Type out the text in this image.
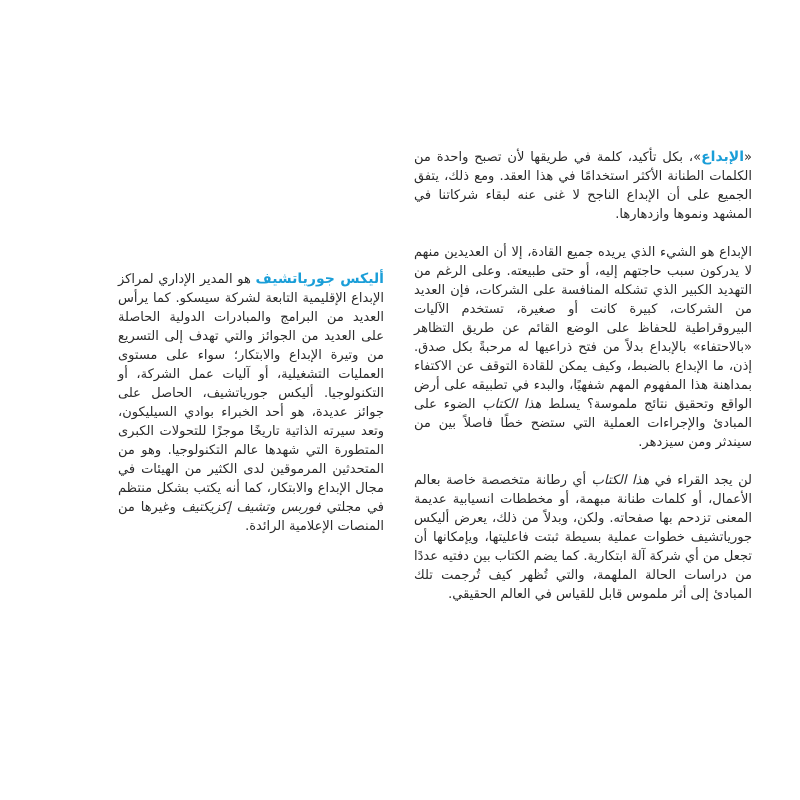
«الإبداع»، بكل تأكيد، كلمة في طريقها لأن تصبح واحدة من الكلمات الطنانة الأكثر استخدامًا في هذا العقد. ومع ذلك، يتفق الجميع على أن الإبداع الناجح لا غنى عنه لبقاء شركاتنا في المشهد ونموها وازدهارها.

الإبداع هو الشيء الذي يريده جميع القادة، إلا أن العديدين منهم لا يدركون سبب حاجتهم إليه، أو حتى طبيعته. وعلى الرغم من التهديد الكبير الذي تشكله المنافسة على الشركات، فإن العديد من الشركات، كبيرة كانت أو صغيرة، تستخدم الآليات البيروقراطية للحفاظ على الوضع القائم عن طريق التظاهر «بالاحتفاء» بالإبداع بدلاً من فتح ذراعيها له مرحبةً بكل صدق. إذن، ما الإبداع بالضبط، وكيف يمكن للقادة التوقف عن الاكتفاء بمداهنة هذا المفهوم المهم شفهيًا، والبدء في تطبيقه على أرض الواقع وتحقيق نتائج ملموسة؟ يسلط هذا الكتاب الضوء على المبادئ والإجراءات العملية التي ستضح خطًا فاصلاً بين من سيندثر ومن سيزدهر.

لن يجد القراء في هذا الكتاب أي رطانة متخصصة خاصة بعالم الأعمال، أو كلمات طنانة مبهمة، أو مخططات انسيابية عديمة المعنى تزدحم بها صفحاته. ولكن، وبدلاً من ذلك، يعرض أليكس جورياتشيف خطوات عملية بسيطة ثبتت فاعليتها، ويإمكانها أن تجعل من أي شركة آلة ابتكارية. كما يضم الكتاب بين دفتيه عددًا من دراسات الحالة الملهمة، والتي تُظهر كيف تُرجمت تلك المبادئ إلى أثر ملموس قابل للقياس في العالم الحقيقي.

أليكس جورياتشيف هو المدير الإداري لمراكز الإبداع الإقليمية التابعة لشركة سيسكو. كما يرأس العديد من البرامج والمبادرات الدولية الحاصلة على العديد من الجوائز والتي تهدف إلى التسريع من وتيرة الإبداع والابتكار؛ سواء على مستوى العمليات التشغيلية، أو آليات عمل الشركة، أو التكنولوجيا. أليكس جورياتشيف، الحاصل على جوائز عديدة، هو أحد الخبراء بوادي السيليكون، وتعد سيرته الذاتية تاريخًا موجزًا للتحولات الكبرى المتطورة التي شهدها عالم التكنولوجيا. وهو من المتحدثين المرموقين لدى الكثير من الهيئات في مجال الإبداع والابتكار، كما أنه يكتب بشكل منتظم في مجلتي فوربس وتشيف إكزيكتيف وغيرها من المنصات الإعلامية الرائدة.
